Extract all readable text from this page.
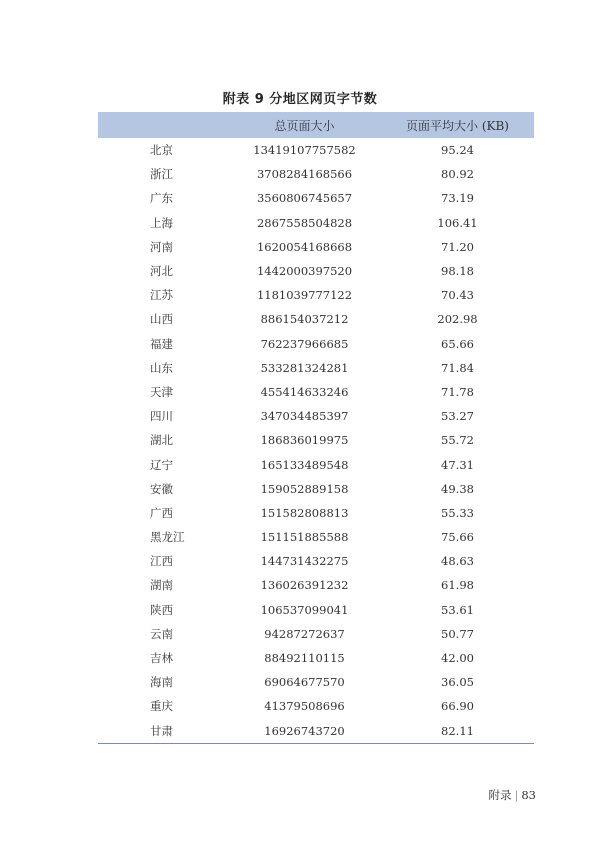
附表 9 分地区网页字节数
	总页面大小	页面平均大小 (KB)
北京	13419107757582	95.24
浙江	3708284168566	80.92
广东	3560806745657	73.19
上海	2867558504828	106.41
河南	1620054168668	71.20
河北	1442000397520	98.18
江苏	1181039777122	70.43
山西	886154037212	202.98
福建	762237966685	65.66
山东	533281324281	71.84
天津	455414633246	71.78
四川	347034485397	53.27
湖北	186836019975	55.72
辽宁	165133489548	47.31
安徽	159052889158	49.38
广西	151582808813	55.33
黑龙江	151151885588	75.66
江西	144731432275	48.63
湖南	136026391232	61.98
陕西	106537099041	53.61
云南	94287272637	50.77
吉林	88492110115	42.00
海南	69064677570	36.05
重庆	41379508696	66.90
甘肃	16926743720	82.11
附录 | 83
